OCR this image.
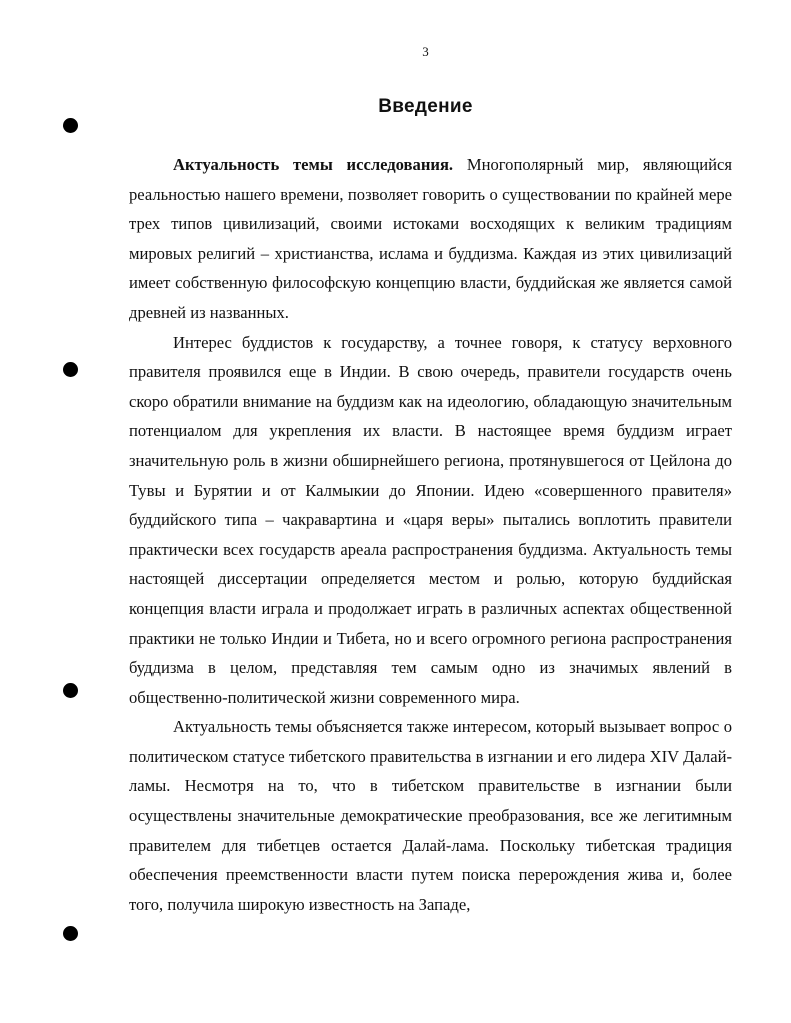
3
Введение

Актуальность темы исследования. Многополярный мир, являющийся реальностью нашего времени, позволяет говорить о существовании по крайней мере трех типов цивилизаций, своими истоками восходящих к великим традициям мировых религий – христианства, ислама и буддизма. Каждая из этих цивилизаций имеет собственную философскую концепцию власти, буддийская же является самой древней из названных.

Интерес буддистов к государству, а точнее говоря, к статусу верховного правителя проявился еще в Индии. В свою очередь, правители государств очень скоро обратили внимание на буддизм как на идеологию, обладающую значительным потенциалом для укрепления их власти. В настоящее время буддизм играет значительную роль в жизни обширнейшего региона, протянувшегося от Цейлона до Тувы и Бурятии и от Калмыкии до Японии. Идею «совершенного правителя» буддийского типа – чакравартина и «царя веры» пытались воплотить правители практически всех государств ареала распространения буддизма. Актуальность темы настоящей диссертации определяется местом и ролью, которую буддийская концепция власти играла и продолжает играть в различных аспектах общественной практики не только Индии и Тибета, но и всего огромного региона распространения буддизма в целом, представляя тем самым одно из значимых явлений в общественно-политической жизни современного мира.

Актуальность темы объясняется также интересом, который вызывает вопрос о политическом статусе тибетского правительства в изгнании и его лидера XIV Далай-ламы. Несмотря на то, что в тибетском правительстве в изгнании были осуществлены значительные демократические преобразования, все же легитимным правителем для тибетцев остается Далай-лама. Поскольку тибетская традиция обеспечения преемственности власти путем поиска перерождения жива и, более того, получила широкую известность на Западе,
